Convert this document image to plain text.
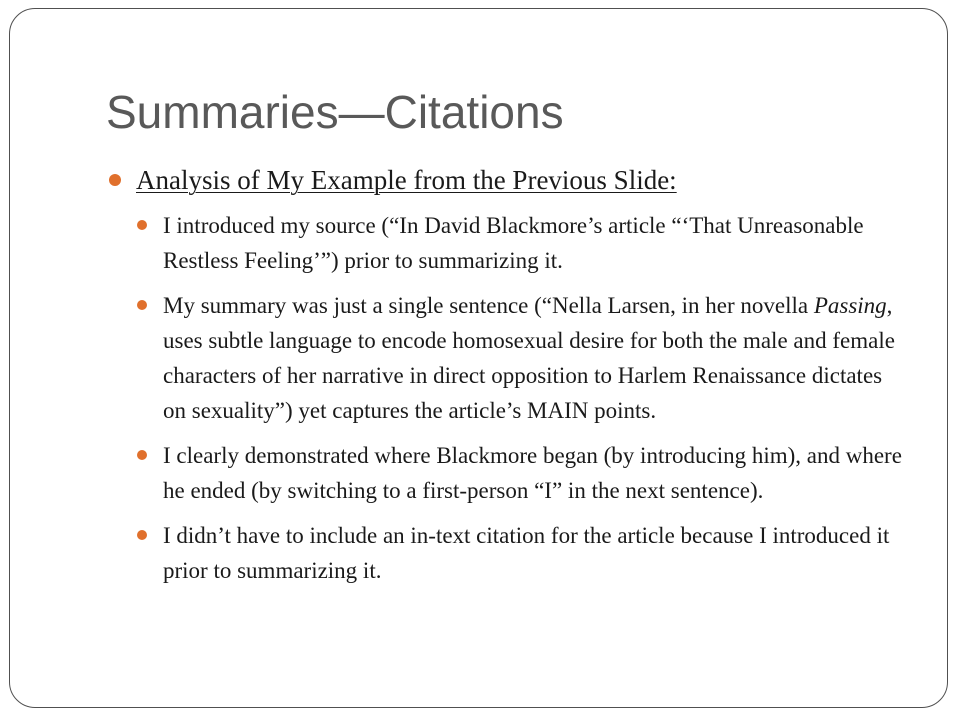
Summaries—Citations
Analysis of My Example from the Previous Slide:
I introduced my source (“In David Blackmore’s article “‘That Unreasonable Restless Feeling’”) prior to summarizing it.
My summary was just a single sentence (“Nella Larsen, in her novella Passing, uses subtle language to encode homosexual desire for both the male and female characters of her narrative in direct opposition to Harlem Renaissance dictates on sexuality”) yet captures the article’s MAIN points.
I clearly demonstrated where Blackmore began (by introducing him), and where he ended (by switching to a first-person “I” in the next sentence).
I didn’t have to include an in-text citation for the article because I introduced it prior to summarizing it.
